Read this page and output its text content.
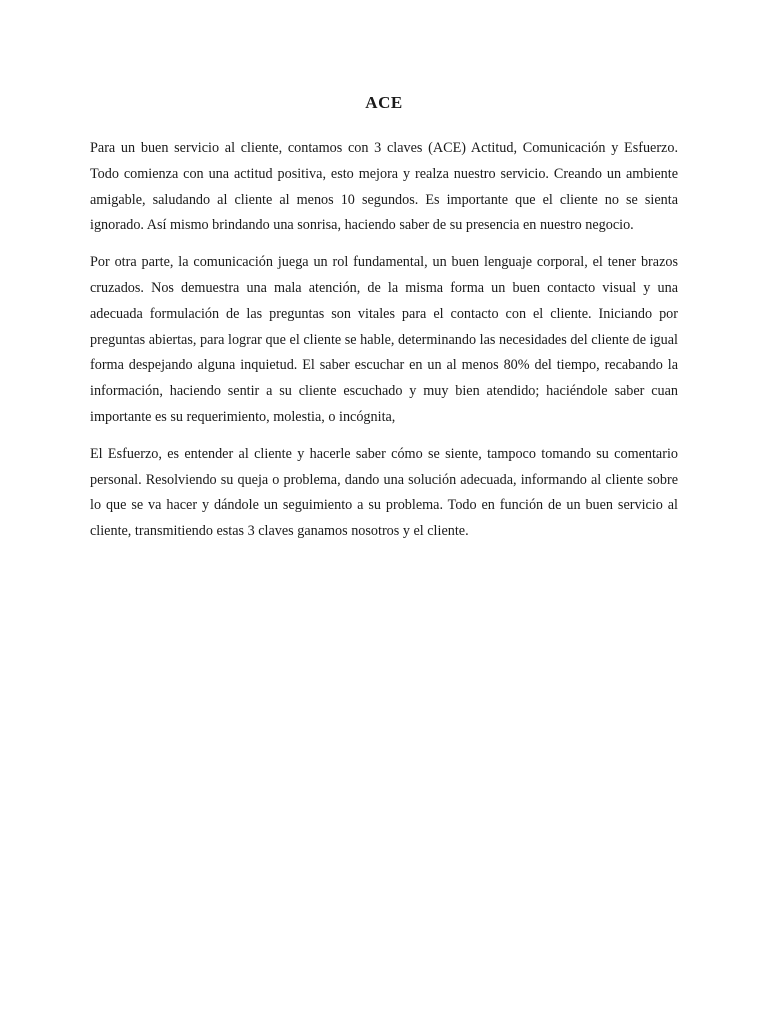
ACE

Para un buen servicio al cliente, contamos con 3 claves (ACE) Actitud, Comunicación y Esfuerzo. Todo comienza con una actitud positiva, esto mejora y realza nuestro servicio. Creando un ambiente amigable, saludando al cliente al menos 10 segundos. Es importante que el cliente no se sienta ignorado. Así mismo brindando una sonrisa, haciendo saber de su presencia en nuestro negocio.

Por otra parte, la comunicación juega un rol fundamental, un buen lenguaje corporal, el tener brazos cruzados. Nos demuestra una mala atención, de la misma forma un buen contacto visual y una adecuada formulación de las preguntas son vitales para el contacto con el cliente. Iniciando por preguntas abiertas, para lograr que el cliente se hable, determinando las necesidades del cliente de igual forma despejando alguna inquietud. El saber escuchar en un al menos 80% del tiempo, recabando la información, haciendo sentir a su cliente escuchado y muy bien atendido; haciéndole saber cuan importante es su requerimiento, molestia, o incógnita,

El Esfuerzo, es entender al cliente y hacerle saber cómo se siente, tampoco tomando su comentario personal. Resolviendo su queja o problema, dando una solución adecuada, informando al cliente sobre lo que se va hacer y dándole un seguimiento a su problema. Todo en función de un buen servicio al cliente, transmitiendo estas 3 claves ganamos nosotros y el cliente.
